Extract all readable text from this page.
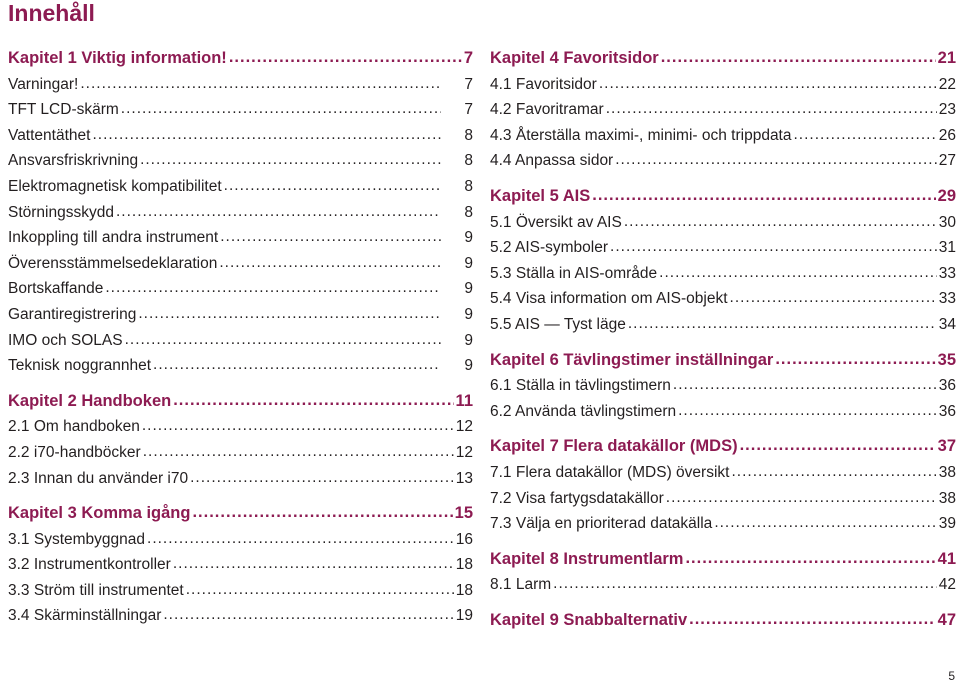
Innehåll
Kapitel 1 Viktig information! .....	7
Varningar! .....	7
TFT LCD-skärm .....	7
Vattentäthet .....	8
Ansvarsfriskrivning .....	8
Elektromagnetisk kompatibilitet .....	8
Störningsskydd .....	8
Inkoppling till andra instrument .....	9
Överensstämmelsedeklaration .....	9
Bortskaffande .....	9
Garantiregistrering .....	9
IMO och SOLAS .....	9
Teknisk noggrannhet .....	9
Kapitel 2 Handboken .....	11
2.1 Om handboken .....	12
2.2 i70-handböcker .....	12
2.3 Innan du använder i70 .....	13
Kapitel 3 Komma igång .....	15
3.1 Systembyggnad .....	16
3.2 Instrumentkontroller .....	18
3.3 Ström till instrumentet .....	18
3.4 Skärminställningar .....	19
Kapitel 4 Favoritsidor .....	21
4.1 Favoritsidor .....	22
4.2 Favoritramar .....	23
4.3 Återställa maximi-, minimi- och trippdata .....	26
4.4 Anpassa sidor .....	27
Kapitel 5 AIS .....	29
5.1 Översikt av AIS .....	30
5.2 AIS-symboler .....	31
5.3 Ställa in AIS-område .....	33
5.4 Visa information om AIS-objekt .....	33
5.5 AIS — Tyst läge .....	34
Kapitel 6 Tävlingstimer inställningar .....	35
6.1 Ställa in tävlingstimern .....	36
6.2 Använda tävlingstimern .....	36
Kapitel 7 Flera datakällor (MDS) .....	37
7.1 Flera datakällor (MDS) översikt .....	38
7.2 Visa fartygsdatakällor .....	38
7.3 Välja en prioriterad datakälla .....	39
Kapitel 8 Instrumentlarm .....	41
8.1 Larm .....	42
Kapitel 9 Snabbalternativ .....	47
5
